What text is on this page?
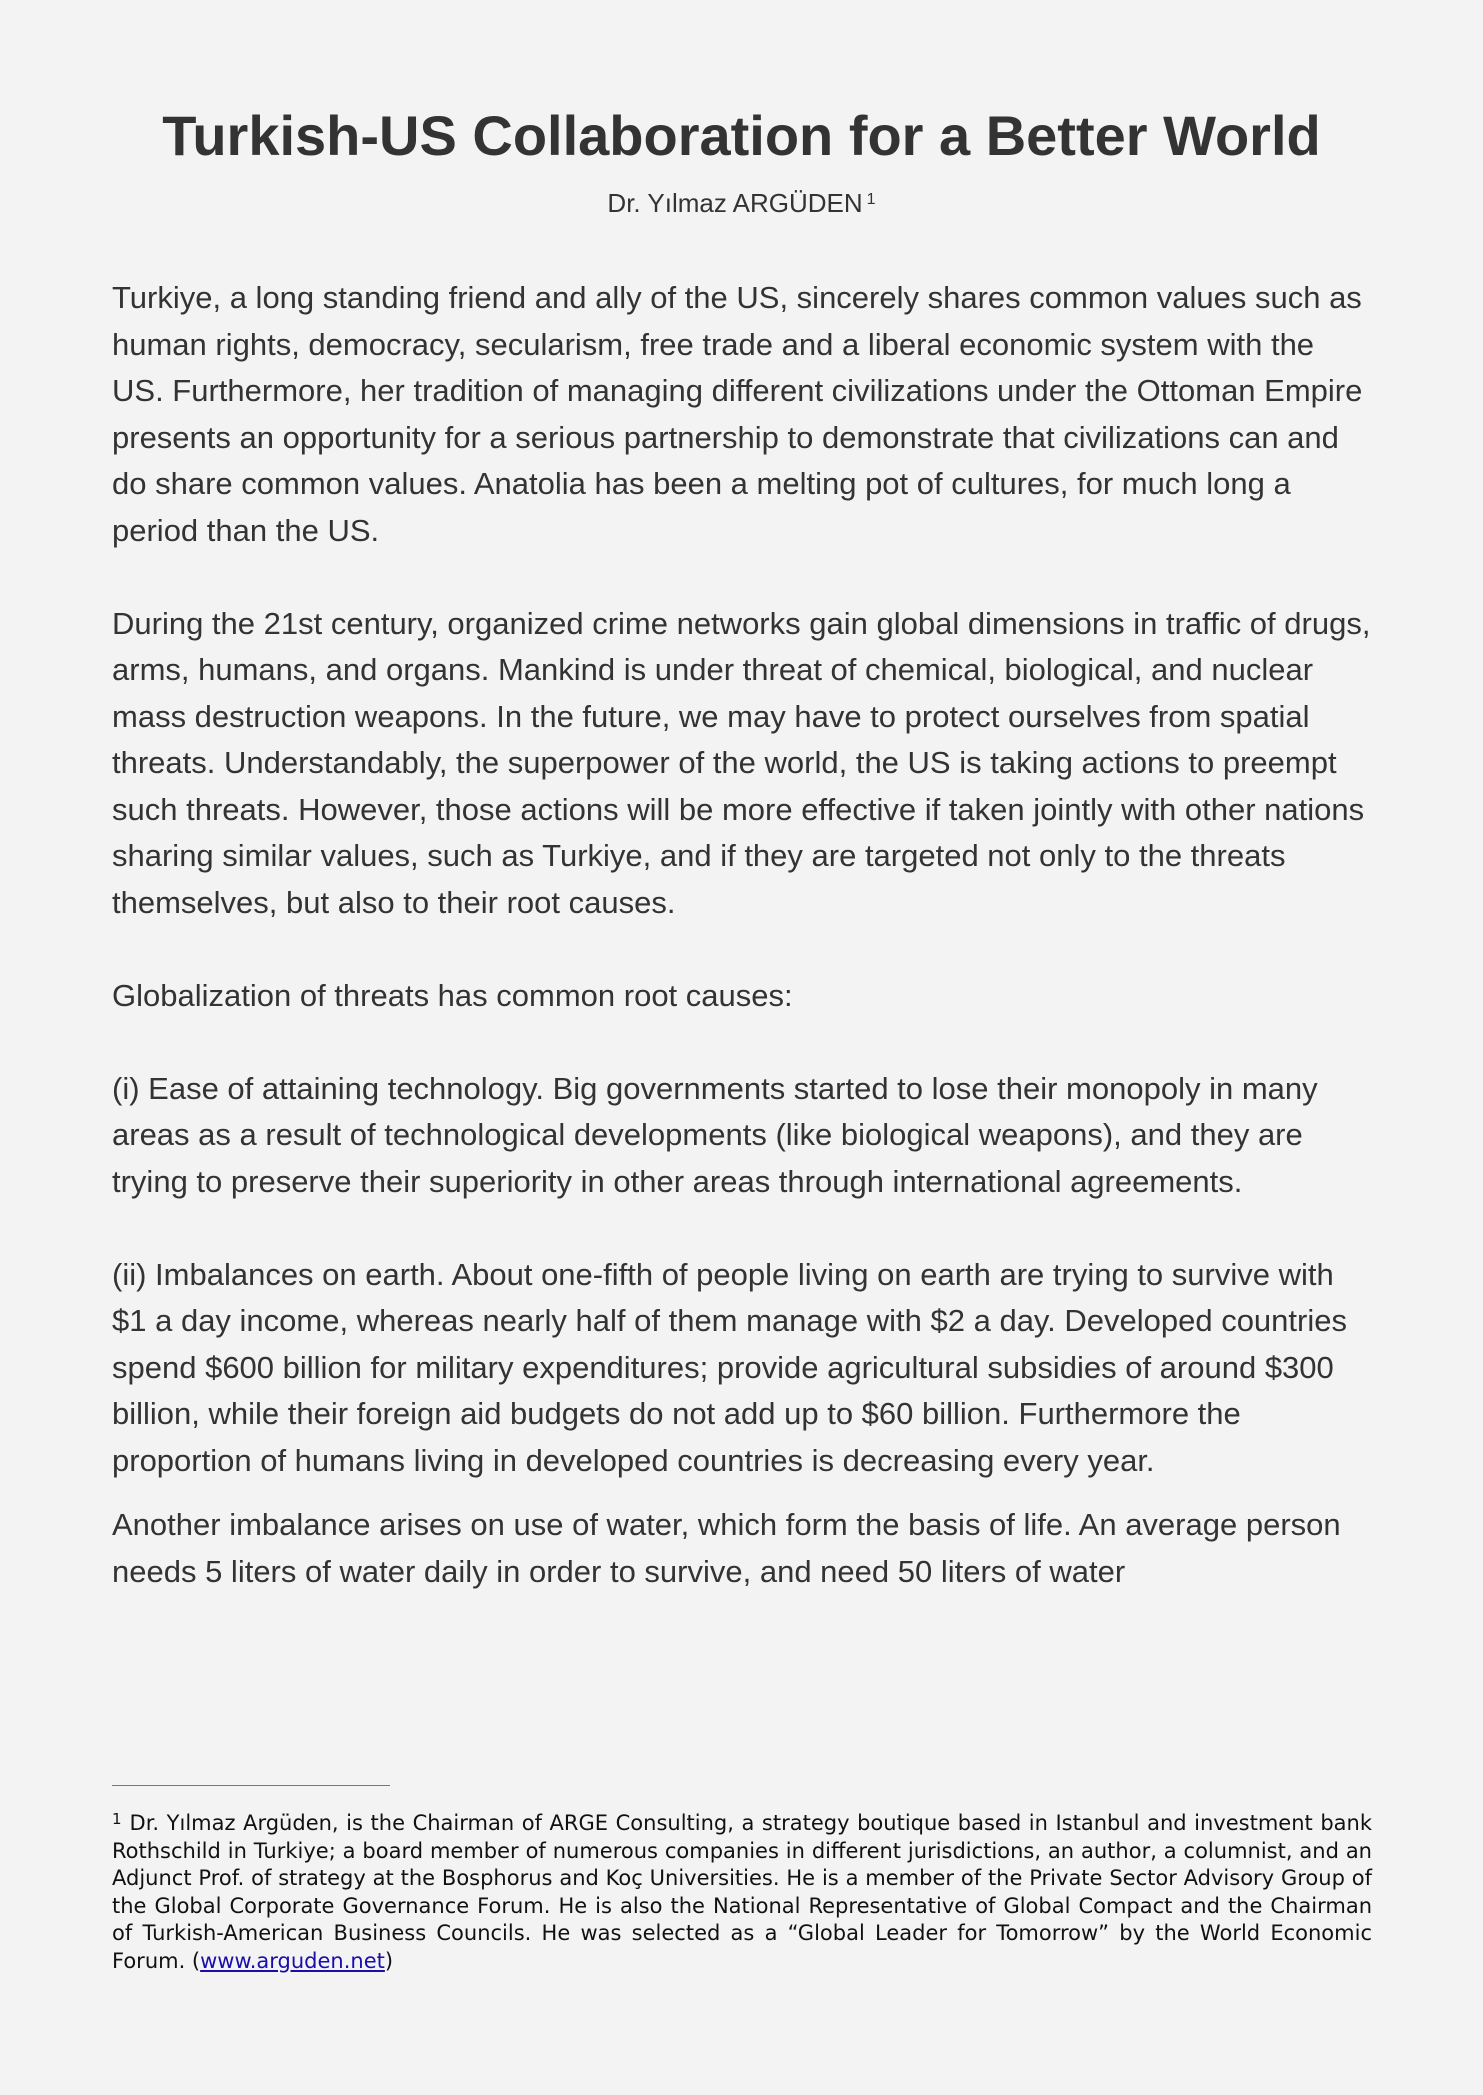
Turkish-US Collaboration for a Better World
Dr. Yılmaz ARGÜDEN $^1$

Turkiye, a long standing friend and ally of the US, sincerely shares common values such as human rights, democracy, secularism, free trade and a liberal economic system with the US. Furthermore, her tradition of managing different civilizations under the Ottoman Empire presents an opportunity for a serious partnership to demonstrate that civilizations can and do share common values. Anatolia has been a melting pot of cultures, for much long a period than the US.

During the 21st century, organized crime networks gain global dimensions in traffic of drugs, arms, humans, and organs. Mankind is under threat of chemical, biological, and nuclear mass destruction weapons. In the future, we may have to protect ourselves from spatial threats. Understandably, the superpower of the world, the US is taking actions to preempt such threats. However, those actions will be more effective if taken jointly with other nations sharing similar values, such as Turkiye, and if they are targeted not only to the threats themselves, but also to their root causes.

Globalization of threats has common root causes:

(i) Ease of attaining technology. Big governments started to lose their monopoly in many areas as a result of technological developments (like biological weapons), and they are trying to preserve their superiority in other areas through international agreements.

(ii) Imbalances on earth. About one-fifth of people living on earth are trying to survive with $1 a day income, whereas nearly half of them manage with $2 a day. Developed countries spend $600 billion for military expenditures; provide agricultural subsidies of around $300 billion, while their foreign aid budgets do not add up to $60 billion. Furthermore the proportion of humans living in developed countries is decreasing every year.

Another imbalance arises on use of water, which form the basis of life. An average person needs 5 liters of water daily in order to survive, and need 50 liters of water

$^1$ Dr. Yılmaz Argüden, is the Chairman of ARGE Consulting, a strategy boutique based in Istanbul and investment bank Rothschild in Turkiye; a board member of numerous companies in different jurisdictions, an author, a columnist, and an Adjunct Prof. of strategy at the Bosphorus and Koç Universities. He is a member of the Private Sector Advisory Group of the Global Corporate Governance Forum. He is also the National Representative of Global Compact and the Chairman of Turkish-American Business Councils. He was selected as a “Global Leader for Tomorrow” by the World Economic Forum. (www.arguden.net)
